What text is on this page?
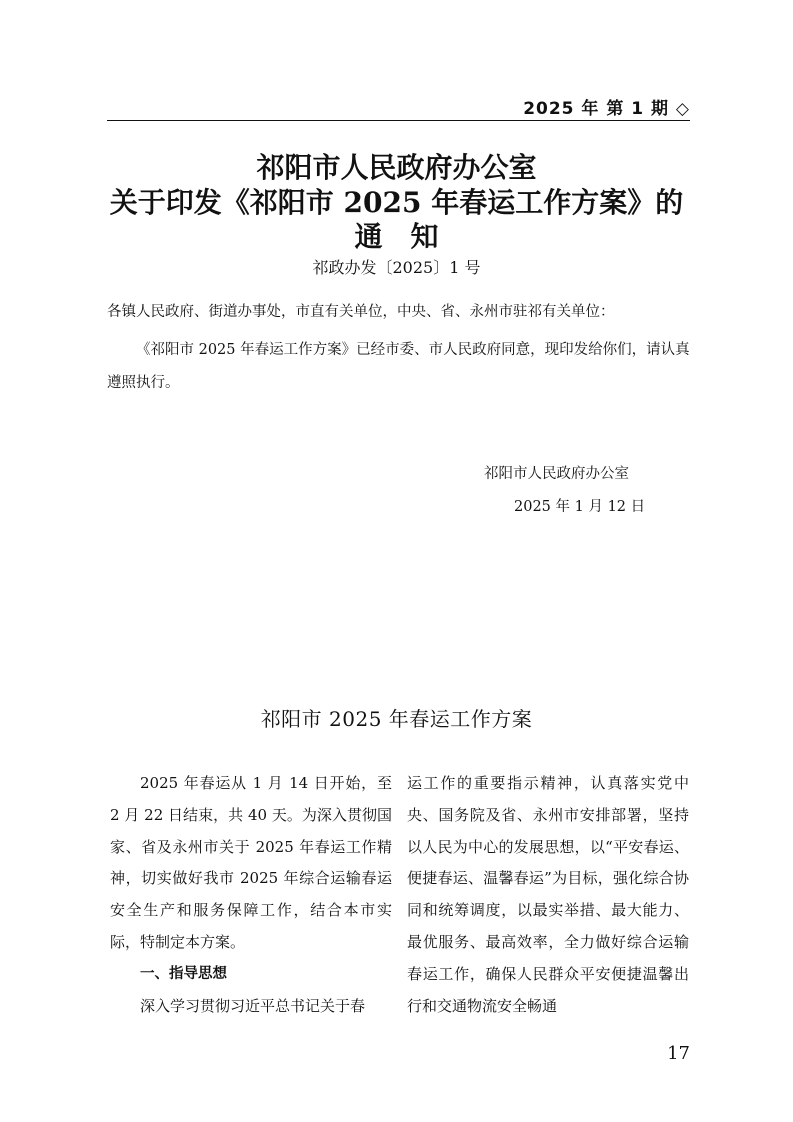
2025 年 第 1 期 ◇
祁阳市人民政府办公室
关于印发《祁阳市 2025 年春运工作方案》的
通　知
祁政办发〔2025〕1 号
各镇人民政府、街道办事处，市直有关单位，中央、省、永州市驻祁有关单位：
《祁阳市 2025 年春运工作方案》已经市委、市人民政府同意，现印发给你们，请认真遵照执行。
祁阳市人民政府办公室
2025 年 1 月 12 日
祁阳市 2025 年春运工作方案
2025 年春运从 1 月 14 日开始，至 2 月 22 日结束，共 40 天。为深入贯彻国家、省及永州市关于 2025 年春运工作精神，切实做好我市 2025 年综合运输春运安全生产和服务保障工作，结合本市实际，特制定本方案。
一、指导思想
深入学习贯彻习近平总书记关于春
运工作的重要指示精神，认真落实党中央、国务院及省、永州市安排部署，坚持以人民为中心的发展思想，以“平安春运、便捷春运、温馨春运”为目标，强化综合协同和统筹调度，以最实举措、最大能力、最优服务、最高效率，全力做好综合运输春运工作，确保人民群众平安便捷温馨出行和交通物流安全畅通
17
